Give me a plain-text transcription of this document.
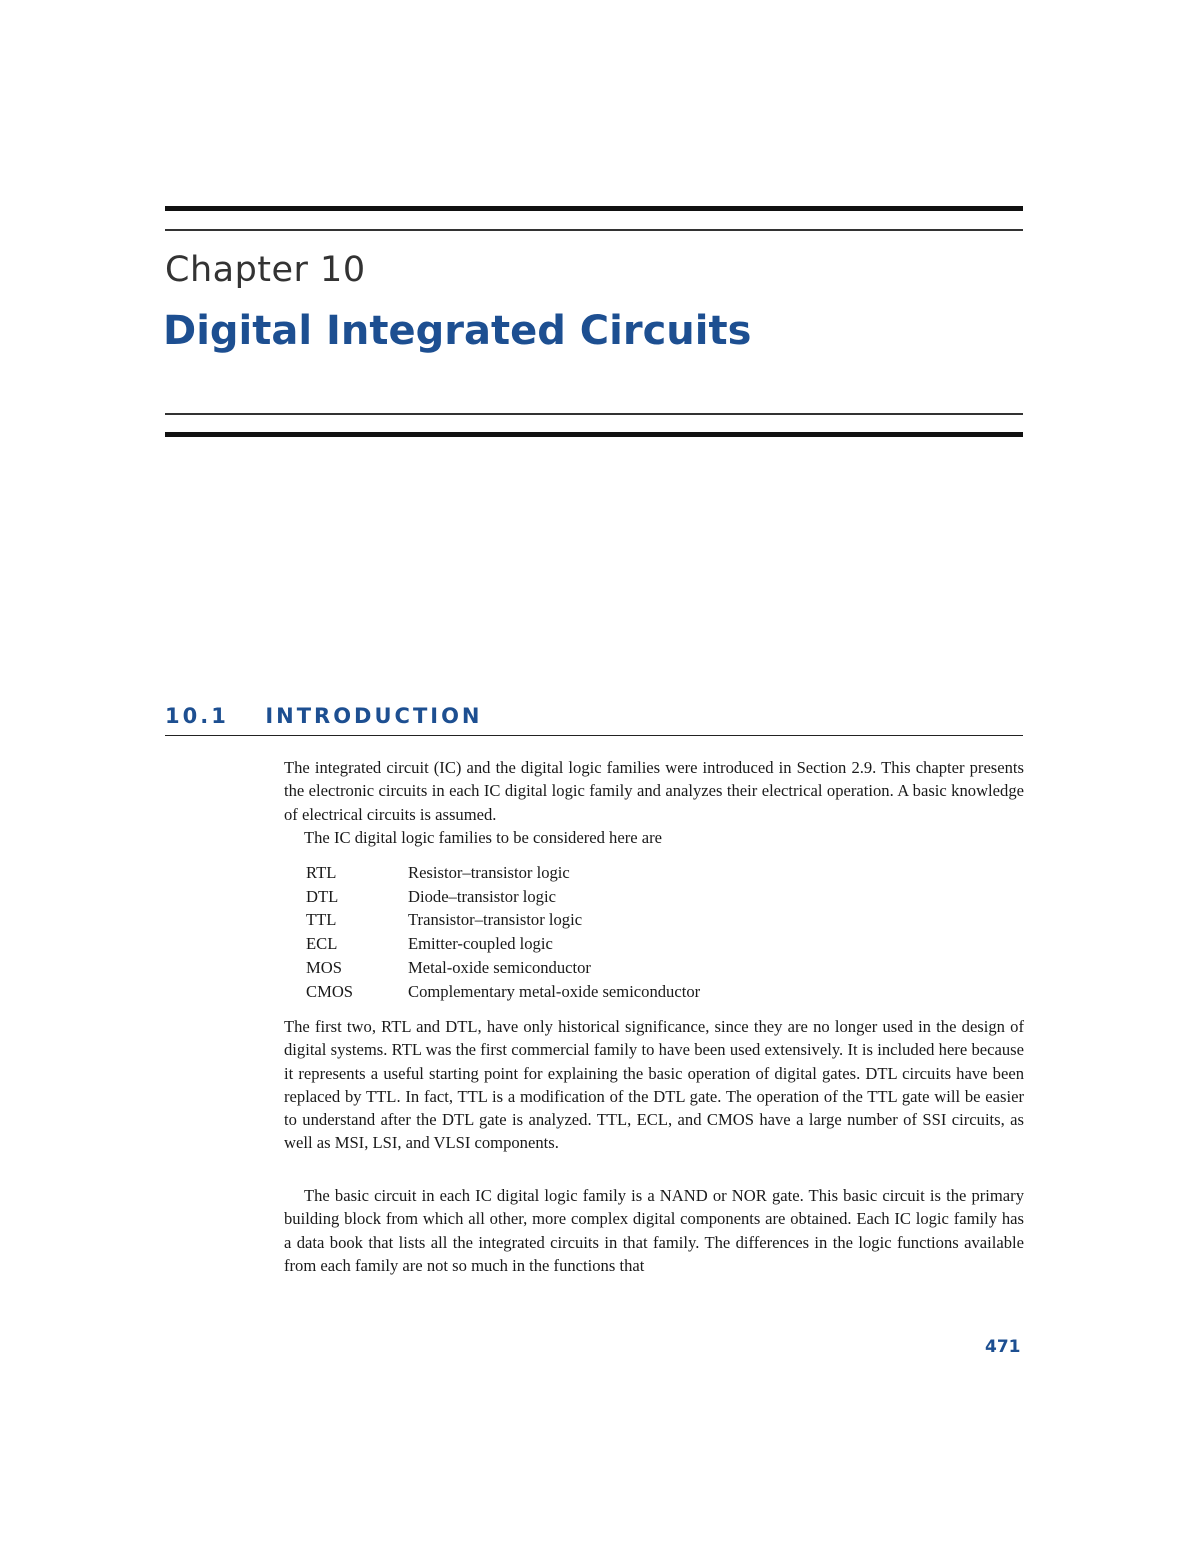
Chapter 10
Digital Integrated Circuits
10.1 INTRODUCTION

The integrated circuit (IC) and the digital logic families were introduced in Section 2.9. This chapter presents the electronic circuits in each IC digital logic family and analyzes their electrical operation. A basic knowledge of electrical circuits is assumed.

The IC digital logic families to be considered here are

RTL	Resistor–transistor logic
DTL	Diode–transistor logic
TTL	Transistor–transistor logic
ECL	Emitter-coupled logic
MOS	Metal-oxide semiconductor
CMOS	Complementary metal-oxide semiconductor

The first two, RTL and DTL, have only historical significance, since they are no longer used in the design of digital systems. RTL was the first commercial family to have been used extensively. It is included here because it represents a useful starting point for explaining the basic operation of digital gates. DTL circuits have been replaced by TTL. In fact, TTL is a modification of the DTL gate. The operation of the TTL gate will be easier to understand after the DTL gate is analyzed. TTL, ECL, and CMOS have a large number of SSI circuits, as well as MSI, LSI, and VLSI components.

The basic circuit in each IC digital logic family is a NAND or NOR gate. This basic circuit is the primary building block from which all other, more complex digital components are obtained. Each IC logic family has a data book that lists all the integrated circuits in that family. The differences in the logic functions available from each family are not so much in the functions that

471
